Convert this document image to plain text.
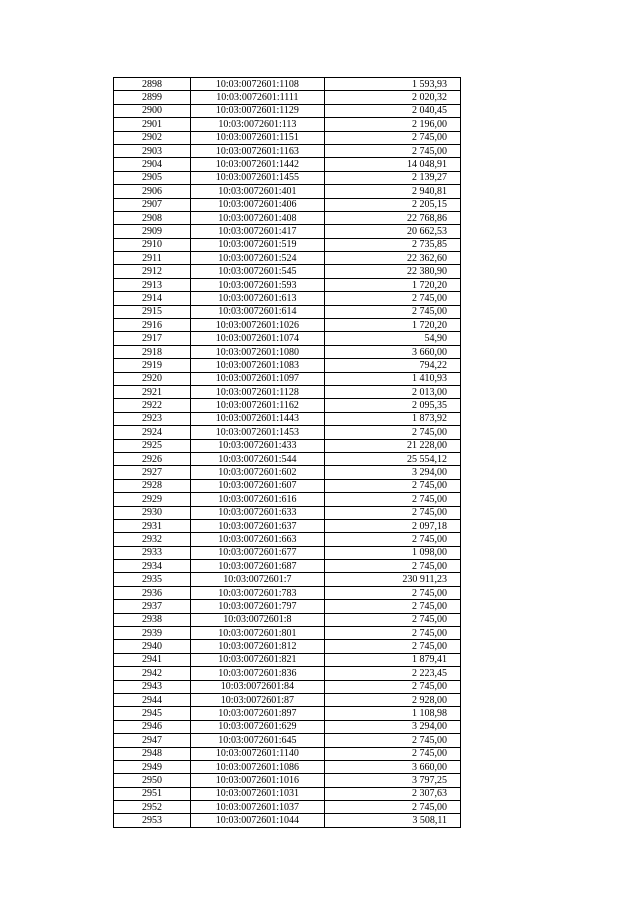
2898	10:03:0072601:1108	1 593,93
2899	10:03:0072601:1111	2 020,32
2900	10:03:0072601:1129	2 040,45
2901	10:03:0072601:113	2 196,00
2902	10:03:0072601:1151	2 745,00
2903	10:03:0072601:1163	2 745,00
2904	10:03:0072601:1442	14 048,91
2905	10:03:0072601:1455	2 139,27
2906	10:03:0072601:401	2 940,81
2907	10:03:0072601:406	2 205,15
2908	10:03:0072601:408	22 768,86
2909	10:03:0072601:417	20 662,53
2910	10:03:0072601:519	2 735,85
2911	10:03:0072601:524	22 362,60
2912	10:03:0072601:545	22 380,90
2913	10:03:0072601:593	1 720,20
2914	10:03:0072601:613	2 745,00
2915	10:03:0072601:614	2 745,00
2916	10:03:0072601:1026	1 720,20
2917	10:03:0072601:1074	54,90
2918	10:03:0072601:1080	3 660,00
2919	10:03:0072601:1083	794,22
2920	10:03:0072601:1097	1 410,93
2921	10:03:0072601:1128	2 013,00
2922	10:03:0072601:1162	2 095,35
2923	10:03:0072601:1443	1 873,92
2924	10:03:0072601:1453	2 745,00
2925	10:03:0072601:433	21 228,00
2926	10:03:0072601:544	25 554,12
2927	10:03:0072601:602	3 294,00
2928	10:03:0072601:607	2 745,00
2929	10:03:0072601:616	2 745,00
2930	10:03:0072601:633	2 745,00
2931	10:03:0072601:637	2 097,18
2932	10:03:0072601:663	2 745,00
2933	10:03:0072601:677	1 098,00
2934	10:03:0072601:687	2 745,00
2935	10:03:0072601:7	230 911,23
2936	10:03:0072601:783	2 745,00
2937	10:03:0072601:797	2 745,00
2938	10:03:0072601:8	2 745,00
2939	10:03:0072601:801	2 745,00
2940	10:03:0072601:812	2 745,00
2941	10:03:0072601:821	1 879,41
2942	10:03:0072601:836	2 223,45
2943	10:03:0072601:84	2 745,00
2944	10:03:0072601:87	2 928,00
2945	10:03:0072601:897	1 108,98
2946	10:03:0072601:629	3 294,00
2947	10:03:0072601:645	2 745,00
2948	10:03:0072601:1140	2 745,00
2949	10:03:0072601:1086	3 660,00
2950	10:03:0072601:1016	3 797,25
2951	10:03:0072601:1031	2 307,63
2952	10:03:0072601:1037	2 745,00
2953	10:03:0072601:1044	3 508,11
